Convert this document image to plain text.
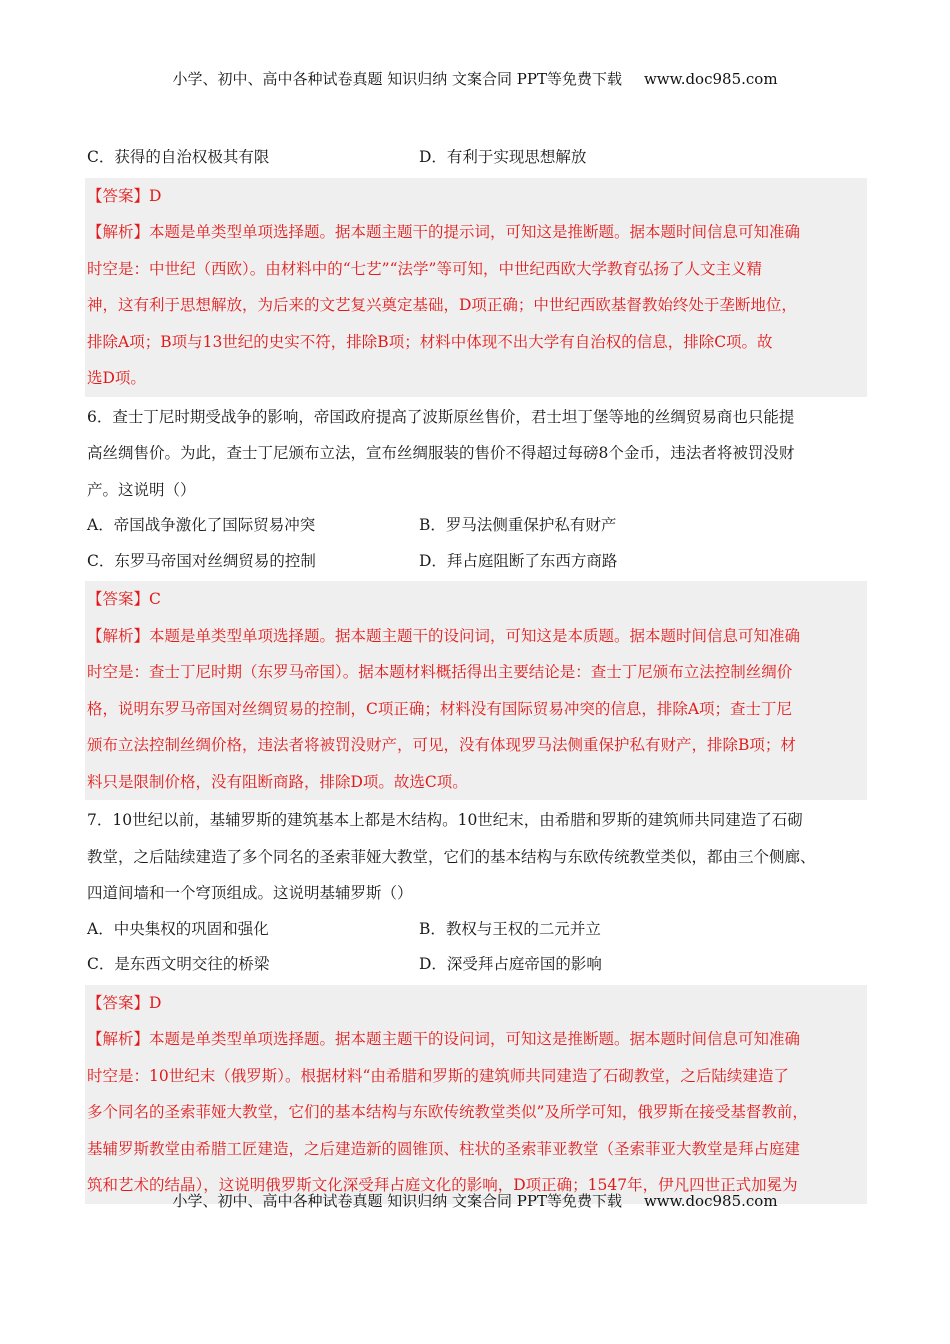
小学、初中、高中各种试卷真题 知识归纳 文案合同 PPT等免费下载 www.doc985.com
C．获得的自治权极其有限	D．有利于实现思想解放
【答案】D
【解析】本题是单类型单项选择题。据本题主题干的提示词，可知这是推断题。据本题时间信息可知准确
时空是：中世纪（西欧）。由材料中的“七艺”“法学”等可知，中世纪西欧大学教育弘扬了人文主义精
神，这有利于思想解放，为后来的文艺复兴奠定基础，D项正确；中世纪西欧基督教始终处于垄断地位，
排除A项；B项与13世纪的史实不符，排除B项；材料中体现不出大学有自治权的信息，排除C项。故
选D项。
6．查士丁尼时期受战争的影响，帝国政府提高了波斯原丝售价，君士坦丁堡等地的丝绸贸易商也只能提
高丝绸售价。为此，查士丁尼颁布立法，宣布丝绸服装的售价不得超过每磅8个金币，违法者将被罚没财
产。这说明（）
A．帝国战争激化了国际贸易冲突	B．罗马法侧重保护私有财产
C．东罗马帝国对丝绸贸易的控制	D．拜占庭阻断了东西方商路
【答案】C
【解析】本题是单类型单项选择题。据本题主题干的设问词，可知这是本质题。据本题时间信息可知准确
时空是：查士丁尼时期（东罗马帝国）。据本题材料概括得出主要结论是：查士丁尼颁布立法控制丝绸价
格，说明东罗马帝国对丝绸贸易的控制，C项正确；材料没有国际贸易冲突的信息，排除A项；查士丁尼
颁布立法控制丝绸价格，违法者将被罚没财产，可见，没有体现罗马法侧重保护私有财产，排除B项；材
料只是限制价格，没有阻断商路，排除D项。故选C项。
7．10世纪以前，基辅罗斯的建筑基本上都是木结构。10世纪末，由希腊和罗斯的建筑师共同建造了石砌
教堂，之后陆续建造了多个同名的圣索菲娅大教堂，它们的基本结构与东欧传统教堂类似，都由三个侧廊、
四道间墙和一个穹顶组成。这说明基辅罗斯（）
A．中央集权的巩固和强化	B．教权与王权的二元并立
C．是东西文明交往的桥梁	D．深受拜占庭帝国的影响
【答案】D
【解析】本题是单类型单项选择题。据本题主题干的设问词，可知这是推断题。据本题时间信息可知准确
时空是：10世纪末（俄罗斯）。根据材料“由希腊和罗斯的建筑师共同建造了石砌教堂，之后陆续建造了
多个同名的圣索菲娅大教堂，它们的基本结构与东欧传统教堂类似”及所学可知，俄罗斯在接受基督教前，
基辅罗斯教堂由希腊工匠建造，之后建造新的圆锥顶、柱状的圣索菲亚教堂（圣索菲亚大教堂是拜占庭建
筑和艺术的结晶），这说明俄罗斯文化深受拜占庭文化的影响，D项正确；1547年，伊凡四世正式加冕为
小学、初中、高中各种试卷真题 知识归纳 文案合同 PPT等免费下载 www.doc985.com
